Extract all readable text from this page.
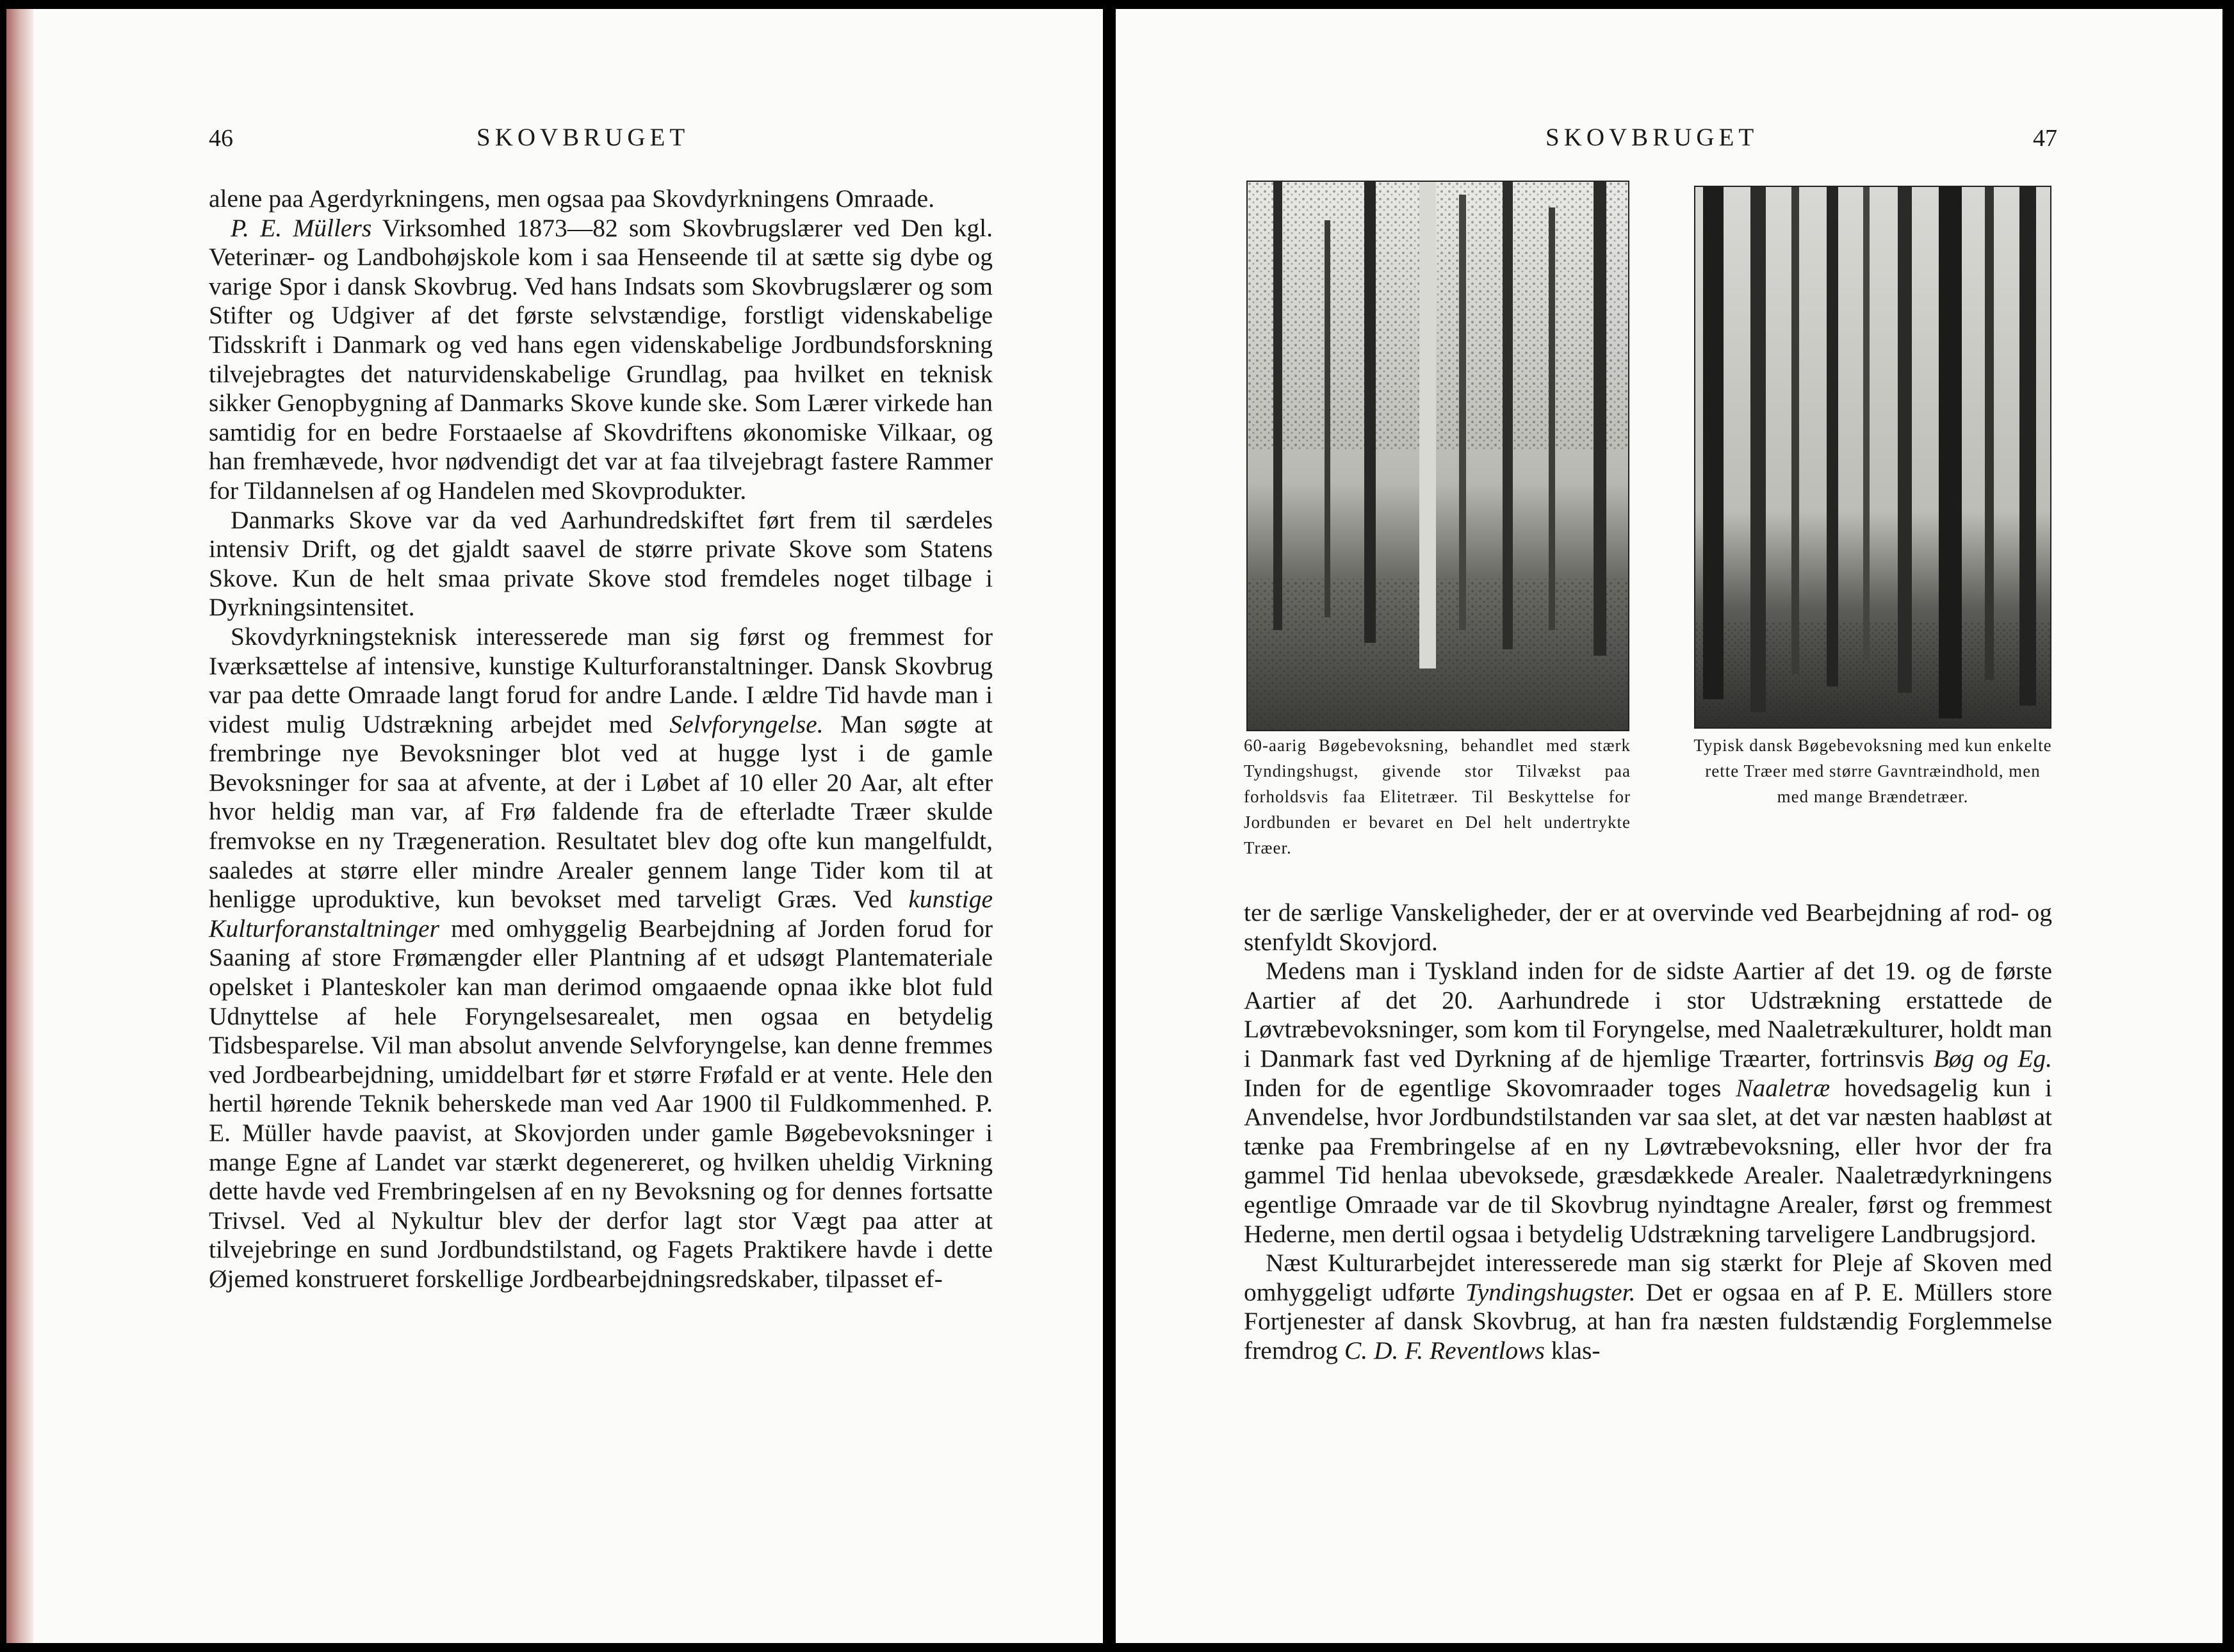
46	SKOVBRUGET

alene paa Agerdyrkningens, men ogsaa paa Skovdyrkningens Omraade.

P. E. Müllers Virksomhed 1873—82 som Skovbrugslærer ved Den kgl. Veterinær- og Landbohøjskole kom i saa Henseende til at sætte sig dybe og varige Spor i dansk Skovbrug. Ved hans Indsats som Skovbrugslærer og som Stifter og Udgiver af det første selvstændige, forstligt videnskabelige Tidsskrift i Danmark og ved hans egen videnskabelige Jordbundsforskning tilvejebragtes det naturvidenskabelige Grundlag, paa hvilket en teknisk sikker Genopbygning af Danmarks Skove kunde ske. Som Lærer virkede han samtidig for en bedre Forstaaelse af Skovdriftens økonomiske Vilkaar, og han fremhævede, hvor nødvendigt det var at faa tilvejebragt fastere Rammer for Tildannelsen af og Handelen med Skovprodukter.

Danmarks Skove var da ved Aarhundredskiftet ført frem til særdeles intensiv Drift, og det gjaldt saavel de større private Skove som Statens Skove. Kun de helt smaa private Skove stod fremdeles noget tilbage i Dyrkningsintensitet.

Skovdyrkningsteknisk interesserede man sig først og fremmest for Iværksættelse af intensive, kunstige Kulturforanstaltninger. Dansk Skovbrug var paa dette Omraade langt forud for andre Lande. I ældre Tid havde man i videst mulig Udstrækning arbejdet med Selvforyngelse. Man søgte at frembringe nye Bevoksninger blot ved at hugge lyst i de gamle Bevoksninger for saa at afvente, at der i Løbet af 10 eller 20 Aar, alt efter hvor heldig man var, af Frø faldende fra de efterladte Træer skulde fremvokse en ny Trægeneration. Resultatet blev dog ofte kun mangelfuldt, saaledes at større eller mindre Arealer gennem lange Tider kom til at henligge uproduktive, kun bevokset med tarveligt Græs. Ved kunstige Kulturforanstaltninger med omhyggelig Bearbejdning af Jorden forud for Saaning af store Frømængder eller Plantning af et udsøgt Plantemateriale opelsket i Planteskoler kan man derimod omgaaende opnaa ikke blot fuld Udnyttelse af hele Foryngelsesarealet, men ogsaa en betydelig Tidsbesparelse. Vil man absolut anvende Selvforyngelse, kan denne fremmes ved Jordbearbejdning, umiddelbart før et større Frøfald er at vente. Hele den hertil hørende Teknik beherskede man ved Aar 1900 til Fuldkommenhed. P. E. Müller havde paavist, at Skovjorden under gamle Bøgebevoksninger i mange Egne af Landet var stærkt degenereret, og hvilken uheldig Virkning dette havde ved Frembringelsen af en ny Bevoksning og for dennes fortsatte Trivsel. Ved al Nykultur blev der derfor lagt stor Vægt paa atter at tilvejebringe en sund Jordbundstilstand, og Fagets Praktikere havde i dette Øjemed konstrueret forskellige Jordbearbejdningsredskaber, tilpasset ef-

SKOVBRUGET	47
60-aarig Bøgebevoksning, behandlet med stærk Tyndingshugst, givende stor Tilvækst paa forholdsvis faa Elitetræer. Til Beskyttelse for Jordbunden er bevaret en Del helt undertrykte Træer.
Typisk dansk Bøgebevoksning med kun enkelte rette Træer med større Gavntræindhold, men med mange Brændetræer.

ter de særlige Vanskeligheder, der er at overvinde ved Bearbejdning af rod- og stenfyldt Skovjord.

Medens man i Tyskland inden for de sidste Aartier af det 19. og de første Aartier af det 20. Aarhundrede i stor Udstrækning erstattede de Løvtræbevoksninger, som kom til Foryngelse, med Naaletrækulturer, holdt man i Danmark fast ved Dyrkning af de hjemlige Træarter, fortrinsvis Bøg og Eg. Inden for de egentlige Skovomraader toges Naaletræ hovedsagelig kun i Anvendelse, hvor Jordbundstilstanden var saa slet, at det var næsten haabløst at tænke paa Frembringelse af en ny Løvtræbevoksning, eller hvor der fra gammel Tid henlaa ubevoksede, græsdækkede Arealer. Naaletrædyrkningens egentlige Omraade var de til Skovbrug nyindtagne Arealer, først og fremmest Hederne, men dertil ogsaa i betydelig Udstrækning tarveligere Landbrugsjord.

Næst Kulturarbejdet interesserede man sig stærkt for Pleje af Skoven med omhyggeligt udførte Tyndingshugster. Det er ogsaa en af P. E. Müllers store Fortjenester af dansk Skovbrug, at han fra næsten fuldstændig Forglemmelse fremdrog C. D. F. Reventlows klas-
